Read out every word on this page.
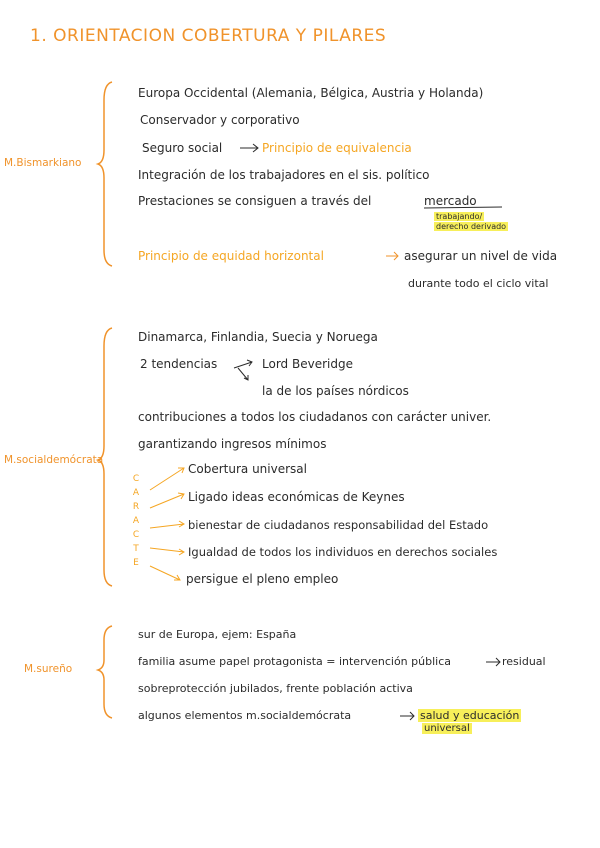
1. ORIENTACION COBERTURA Y PILARES
M.Bismarkiano
Europa Occidental (Alemania, Bélgica, Austria y Holanda)
Conservador y corporativo
Seguro social	Principio de equivalencia
Integración de los trabajadores en el sis. político
Prestaciones se consiguen a través del	mercado
trabajando/
derecho derivado
Principio de equidad horizontal	asegurar un nivel de vida
durante todo el ciclo vital
M.socialdemócrata
Dinamarca, Finlandia, Suecia y Noruega
2 tendencias	Lord Beveridge
la de los países nórdicos
contribuciones a todos los ciudadanos con carácter univer.
garantizando ingresos mínimos
C
A
R
A
C
T
E
Cobertura universal
Ligado ideas económicas de Keynes
bienestar de ciudadanos responsabilidad del Estado
Igualdad de todos los individuos en derechos sociales
persigue el pleno empleo
M.sureño
sur de Europa, ejem: España
familia asume papel protagonista = intervención pública	residual
sobreprotección jubilados, frente población activa
algunos elementos m.socialdemócrata	salud y educación
universal
